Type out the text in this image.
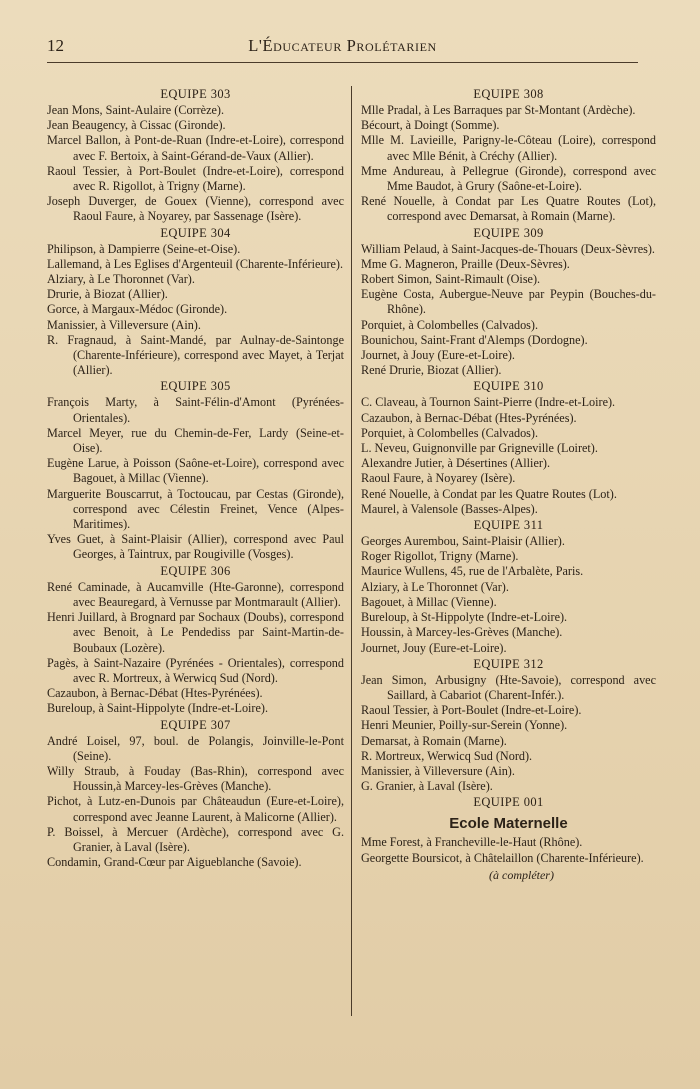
12	L'Éducateur Prolétarien
EQUIPE 303

Jean Mons, Saint-Aulaire (Corrèze).

Jean Beaugency, à Cissac (Gironde).

Marcel Ballon, à Pont-de-Ruan (Indre-et-Loire), correspond avec F. Bertoix, à Saint-Gérand-de-Vaux (Allier).

Raoul Tessier, à Port-Boulet (Indre-et-Loire), correspond avec R. Rigollot, à Trigny (Marne).

Joseph Duverger, de Gouex (Vienne), correspond avec Raoul Faure, à Noyarey, par Sassenage (Isère).

EQUIPE 304

Philipson, à Dampierre (Seine-et-Oise).

Lallemand, à Les Eglises d'Argenteuil (Charente-Inférieure).

Alziary, à Le Thoronnet (Var).

Drurie, à Biozat (Allier).

Gorce, à Margaux-Médoc (Gironde).

Manissier, à Villeversure (Ain).

R. Fragnaud, à Saint-Mandé, par Aulnay-de-Saintonge (Charente-Inférieure), correspond avec Mayet, à Terjat (Allier).

EQUIPE 305

François Marty, à Saint-Félin-d'Amont (Pyrénées-Orientales).

Marcel Meyer, rue du Chemin-de-Fer, Lardy (Seine-et-Oise).

Eugène Larue, à Poisson (Saône-et-Loire), correspond avec Bagouet, à Millac (Vienne).

Marguerite Bouscarrut, à Toctoucau, par Cestas (Gironde), correspond avec Célestin Freinet, Vence (Alpes-Maritimes).

Yves Guet, à Saint-Plaisir (Allier), correspond avec Paul Georges, à Taintrux, par Rougiville (Vosges).

EQUIPE 306

René Caminade, à Aucamville (Hte-Garonne), correspond avec Beauregard, à Vernusse par Montmarault (Allier).

Henri Juillard, à Brognard par Sochaux (Doubs), correspond avec Benoit, à Le Pendediss par Saint-Martin-de-Boubaux (Lozère).

Pagès, à Saint-Nazaire (Pyrénées - Orientales), correspond avec R. Mortreux, à Werwicq Sud (Nord).

Cazaubon, à Bernac-Débat (Htes-Pyrénées).

Bureloup, à Saint-Hippolyte (Indre-et-Loire).

EQUIPE 307

André Loisel, 97, boul. de Polangis, Joinville-le-Pont (Seine).

Willy Straub, à Fouday (Bas-Rhin), correspond avec Houssin,à Marcey-les-Grèves (Manche).

Pichot, à Lutz-en-Dunois par Châteaudun (Eure-et-Loire), correspond avec Jeanne Laurent, à Malicorne (Allier).

P. Boissel, à Mercuer (Ardèche), correspond avec G. Granier, à Laval (Isère).

Condamin, Grand-Cœur par Aigueblanche (Savoie).

EQUIPE 308

Mlle Pradal, à Les Barraques par St-Montant (Ardèche).

Bécourt, à Doingt (Somme).

Mlle M. Lavieille, Parigny-le-Côteau (Loire), correspond avec Mlle Bénit, à Créchy (Allier).

Mme Andureau, à Pellegrue (Gironde), correspond avec Mme Baudot, à Grury (Saône-et-Loire).

René Nouelle, à Condat par Les Quatre Routes (Lot), correspond avec Demarsat, à Romain (Marne).

EQUIPE 309

William Pelaud, à Saint-Jacques-de-Thouars (Deux-Sèvres).

Mme G. Magneron, Praille (Deux-Sèvres).

Robert Simon, Saint-Rimault (Oise).

Eugène Costa, Aubergue-Neuve par Peypin (Bouches-du-Rhône).

Porquiet, à Colombelles (Calvados).

Bounichou, Saint-Frant d'Alemps (Dordogne).

Journet, à Jouy (Eure-et-Loire).

René Drurie, Biozat (Allier).

EQUIPE 310

C. Claveau, à Tournon Saint-Pierre (Indre-et-Loire).

Cazaubon, à Bernac-Débat (Htes-Pyrénées).

Porquiet, à Colombelles (Calvados).

L. Neveu, Guignonville par Grigneville (Loiret).

Alexandre Jutier, à Désertines (Allier).

Raoul Faure, à Noyarey (Isère).

René Nouelle, à Condat par les Quatre Routes (Lot).

Maurel, à Valensole (Basses-Alpes).

EQUIPE 311

Georges Aurembou, Saint-Plaisir (Allier).

Roger Rigollot, Trigny (Marne).

Maurice Wullens, 45, rue de l'Arbalète, Paris.

Alziary, à Le Thoronnet (Var).

Bagouet, à Millac (Vienne).

Bureloup, à St-Hippolyte (Indre-et-Loire).

Houssin, à Marcey-les-Grèves (Manche).

Journet, Jouy (Eure-et-Loire).

EQUIPE 312

Jean Simon, Arbusigny (Hte-Savoie), correspond avec Saillard, à Cabariot (Charent-Infér.).

Raoul Tessier, à Port-Boulet (Indre-et-Loire).

Henri Meunier, Poilly-sur-Serein (Yonne).

Demarsat, à Romain (Marne).

R. Mortreux, Werwicq Sud (Nord).

Manissier, à Villeversure (Ain).

G. Granier, à Laval (Isère).

EQUIPE 001
Ecole Maternelle

Mme Forest, à Francheville-le-Haut (Rhône).

Georgette Boursicot, à Châtelaillon (Charente-Inférieure).

(à compléter)
